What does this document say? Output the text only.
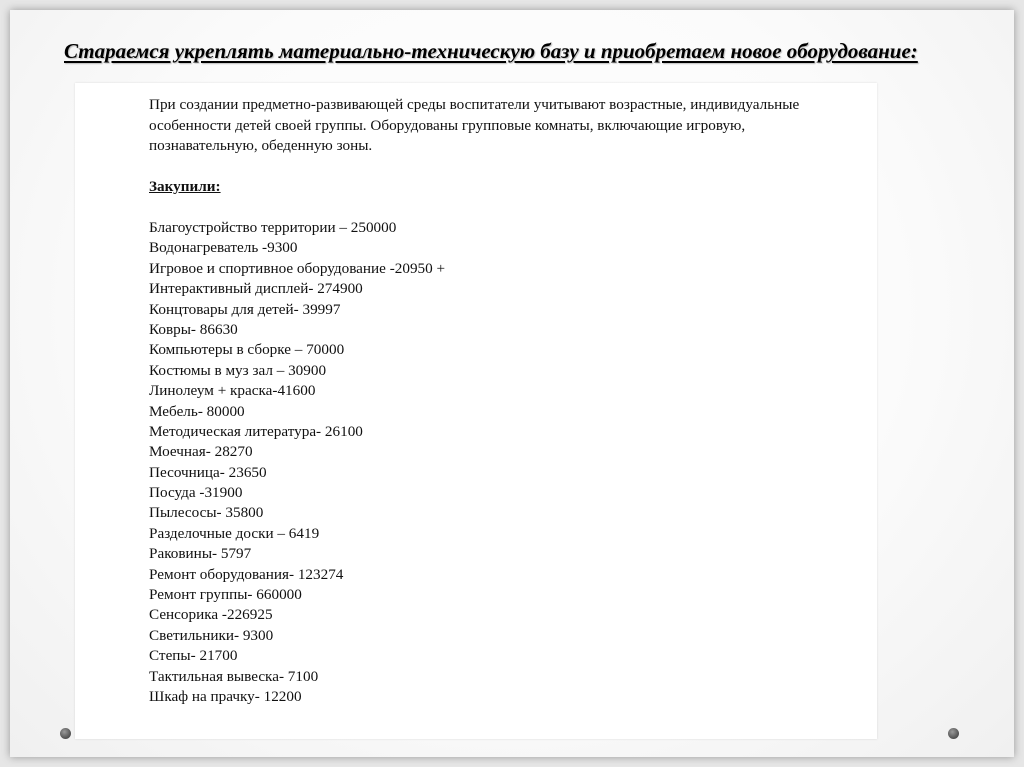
Стараемся укреплять материально-техническую базу и приобретаем новое оборудование:

При создании предметно-развивающей среды воспитатели учитывают возрастные, индивидуальные особенности детей своей группы. Оборудованы групповые комнаты, включающие игровую, познавательную, обеденную зоны.

Закупили:

Благоустройство территории – 250000
Водонагреватель -9300
Игровое и спортивное оборудование -20950 +
Интерактивный дисплей- 274900
Концтовары для детей- 39997
Ковры- 86630
Компьютеры в сборке – 70000
Костюмы в муз зал – 30900
Линолеум + краска-41600
Мебель- 80000
Методическая литература- 26100
Моечная- 28270
Песочница- 23650
Посуда -31900
Пылесосы- 35800
Разделочные доски – 6419
Раковины- 5797
Ремонт оборудования- 123274
Ремонт группы- 660000
Сенсорика -226925
Светильники- 9300
Степы- 21700
Тактильная вывеска- 7100
Шкаф на прачку- 12200
